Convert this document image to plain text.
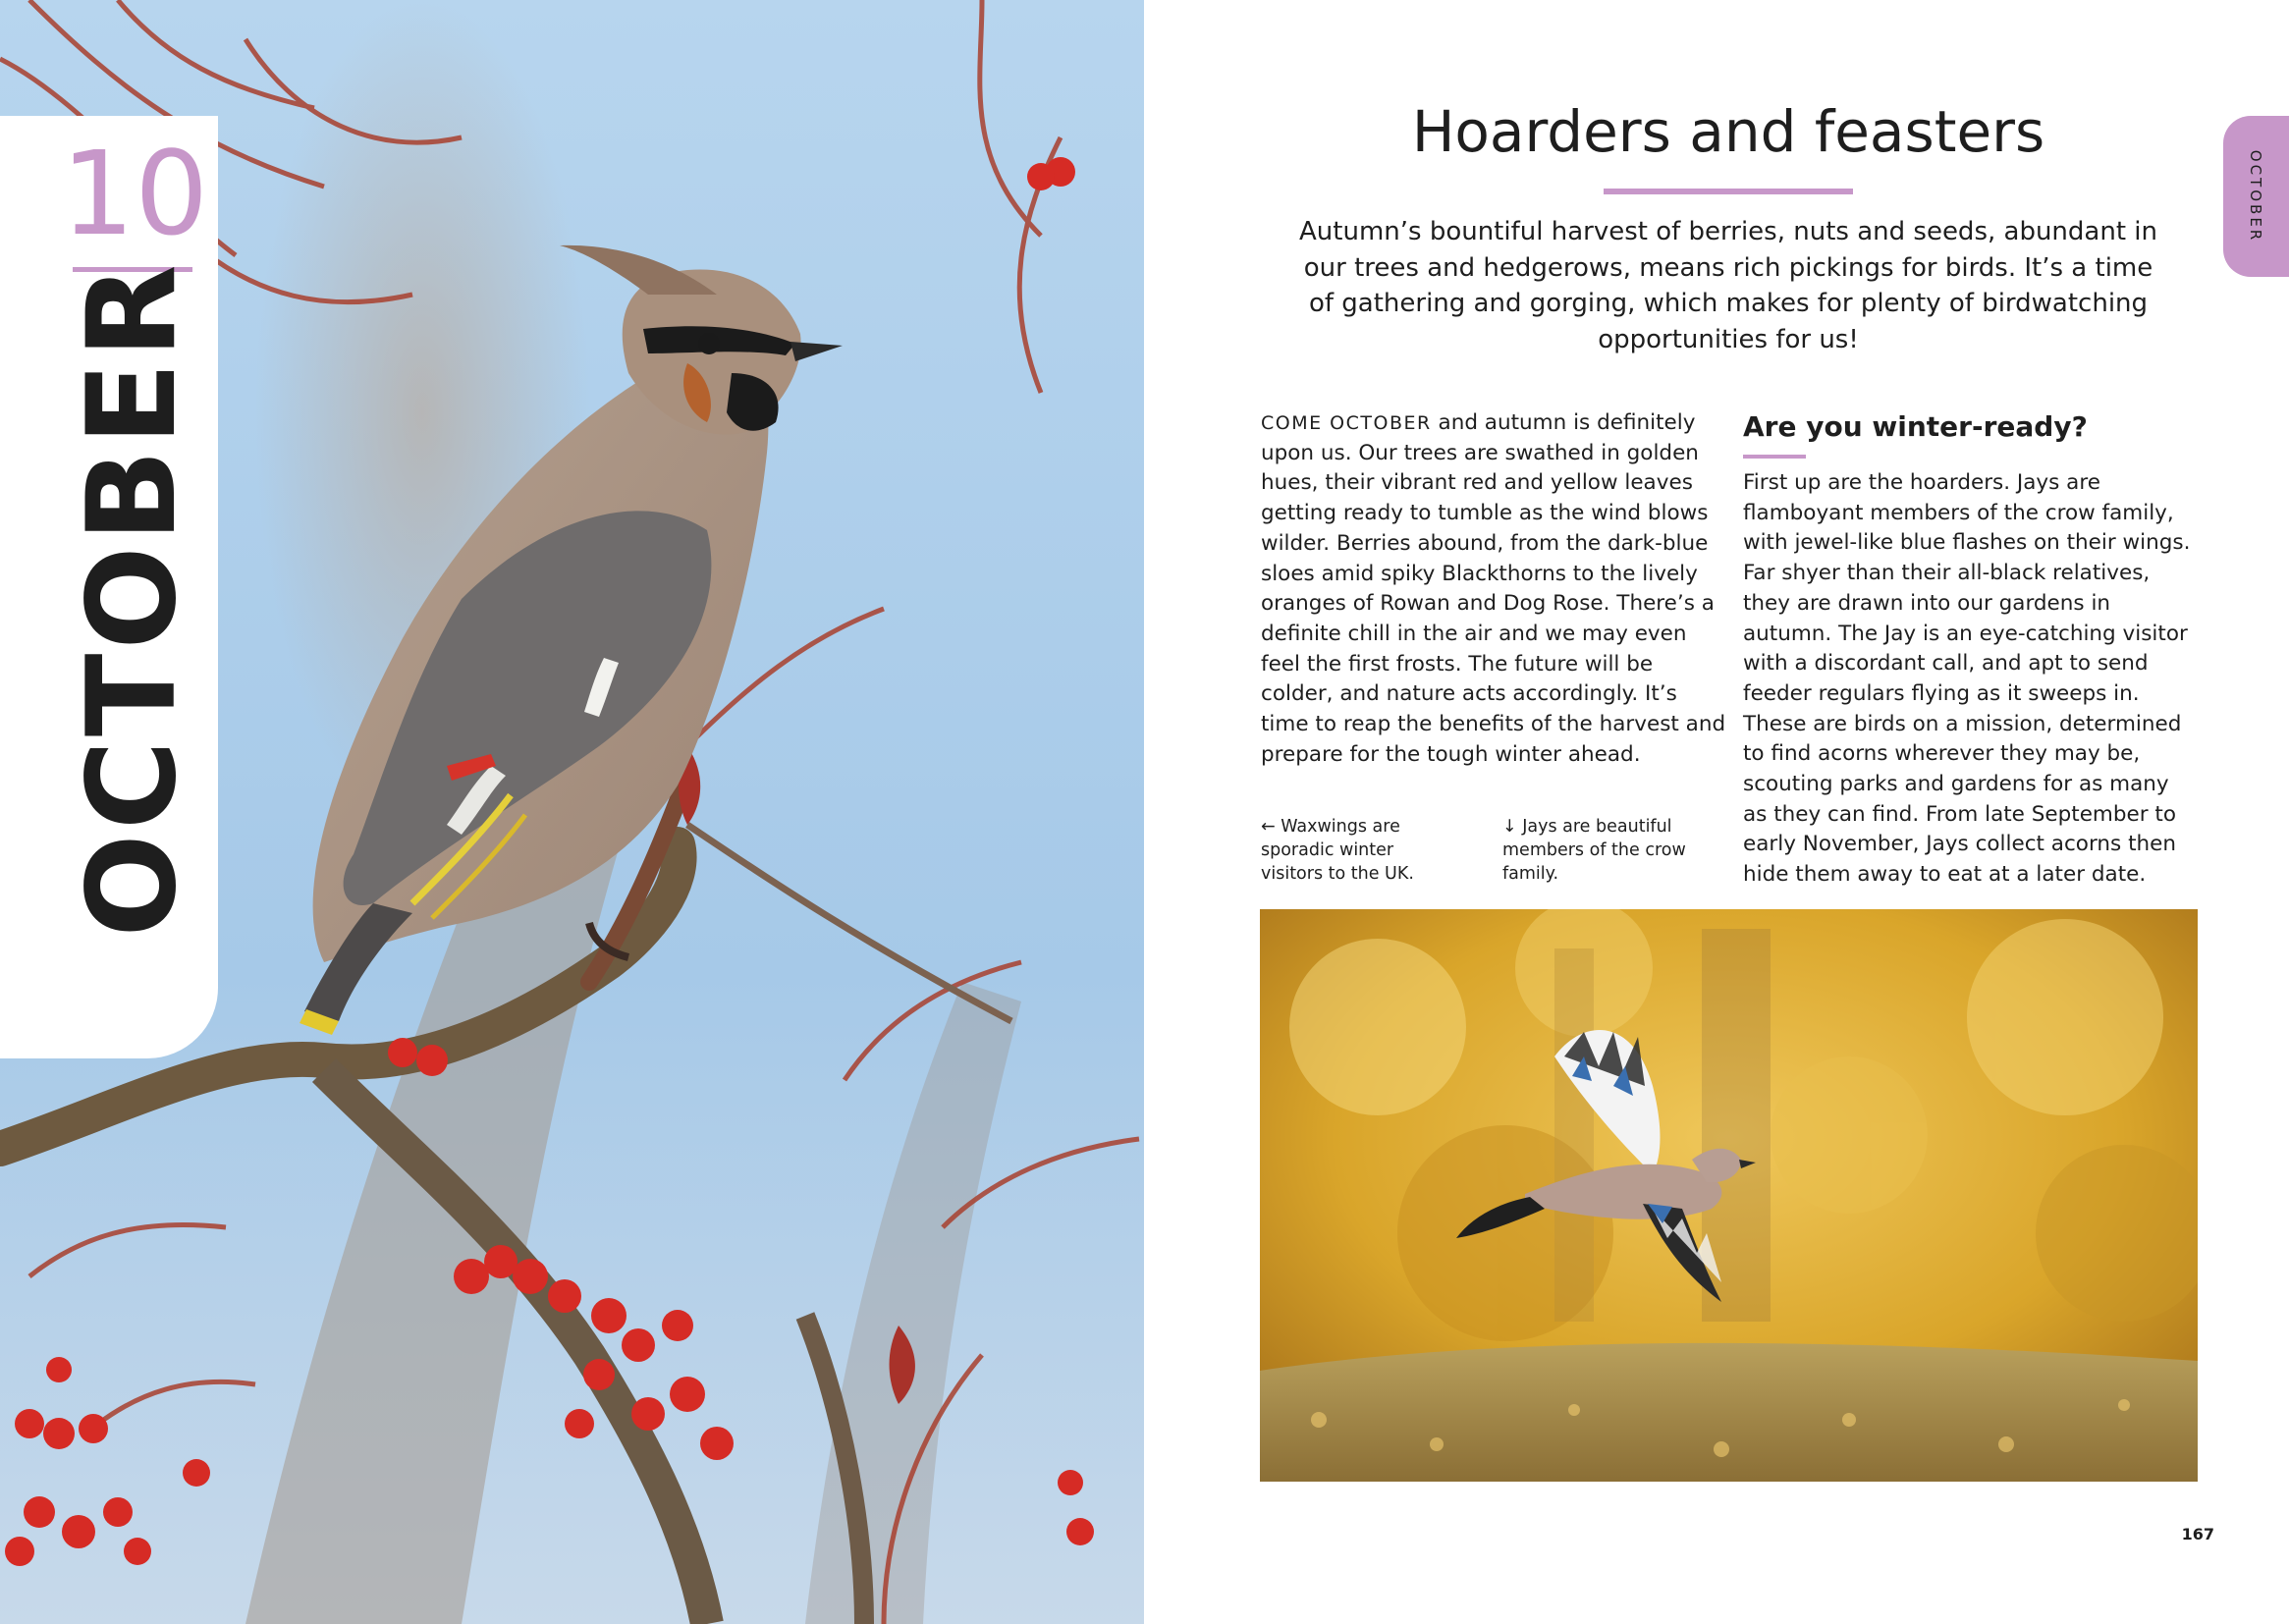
10
OCTOBER
Hoarders and feasters
Autumn’s bountiful harvest of berries, nuts and seeds, abundant in our trees and hedgerows, means rich pickings for birds. It’s a time of gathering and gorging, which makes for plenty of birdwatching opportunities for us!
OCTOBER
COME OCTOBER and autumn is definitely upon us. Our trees are swathed in golden hues, their vibrant red and yellow leaves getting ready to tumble as the wind blows wilder. Berries abound, from the dark-blue sloes amid spiky Blackthorns to the lively oranges of Rowan and Dog Rose. There’s a definite chill in the air and we may even feel the first frosts. The future will be colder, and nature acts accordingly. It’s time to reap the benefits of the harvest and prepare for the tough winter ahead.
Are you winter-ready?
First up are the hoarders. Jays are flamboyant members of the crow family, with jewel-like blue flashes on their wings. Far shyer than their all-black relatives, they are drawn into our gardens in autumn. The Jay is an eye-catching visitor with a discordant call, and apt to send feeder regulars flying as it sweeps in. These are birds on a mission, determined to find acorns wherever they may be, scouting parks and gardens for as many as they can find. From late September to early November, Jays collect acorns then hide them away to eat at a later date.
← Waxwings are sporadic winter visitors to the UK.
↓ Jays are beautiful members of the crow family.
167
